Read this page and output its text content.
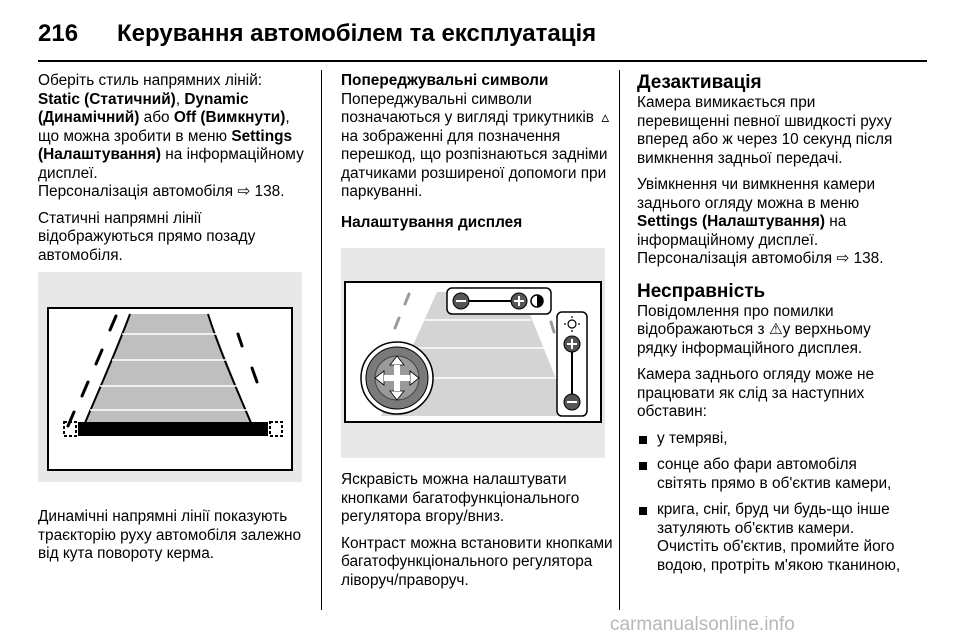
216 Керування автомобілем та експлуатація

Оберіть стиль напрямних ліній:
Static (Статичний), Dynamic (Динамічний) або Off (Вимкнути), що можна зробити в меню Settings (Налаштування) на інформаційному дисплеї.
Персоналізація автомобіля ⇨ 138.

Статичні напрямні лінії відображуються прямо позаду автомобіля.

Динамічні напрямні лінії показують траєкторію руху автомобіля залежно від кута повороту керма.

Попереджувальні символи

Попереджувальні символи позначаються у вигляді трикутників ▵ на зображенні для позначення перешкод, що розпізнаються задніми датчиками розширеної допомоги при паркуванні.

Налаштування дисплея

Яскравість можна налаштувати кнопками багатофункціонального регулятора вгору/вниз.

Контраст можна встановити кнопками багатофункціонального регулятора ліворуч/праворуч.

Дезактивація

Камера вимикається при перевищенні певної швидкості руху вперед або ж через 10 секунд після вимкнення задньої передачі.

Увімкнення чи вимкнення камери заднього огляду можна в меню Settings (Налаштування) на інформаційному дисплеї.
Персоналізація автомобіля ⇨ 138.

Несправність

Повідомлення про помилки відображаються з ⚠у верхньому рядку інформаційного дисплея.

Камера заднього огляду може не працювати як слід за наступних обставин:

у темряві,
сонце або фари автомобіля світять прямо в об'єктив камери,
крига, сніг, бруд чи будь-що інше затуляють об'єктив камери. Очистіть об'єктив, промийте його водою, протріть м'якою тканиною,
carmanualsonline.info
